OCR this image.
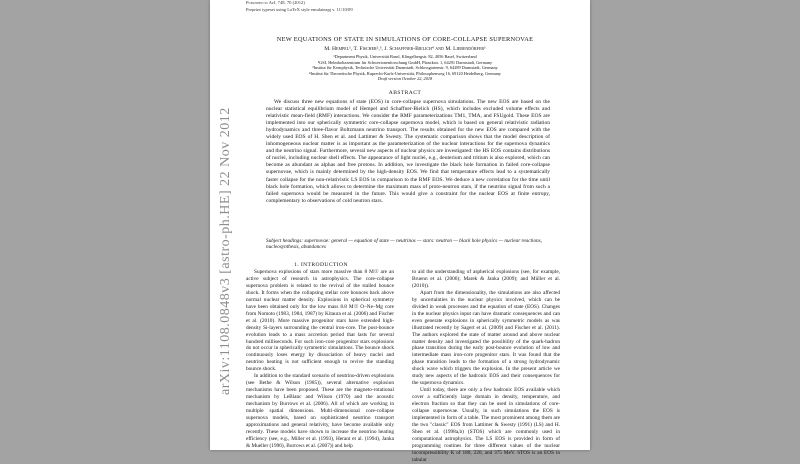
Published in ApJ, 748, 70 (2012)
Preprint typeset using LaTeX style emulateapj v. 11/10/09
NEW EQUATIONS OF STATE IN SIMULATIONS OF CORE-COLLAPSE SUPERNOVAE
M. Hempel¹, T. Fischer²,³, J. Schaffner-Bielich⁴ and M. Liebendörfer¹
¹Department Physik, Universität Basel, Klingelbergstr. 82, 4056 Basel, Switzerland
²GSI, Helmholtzzentrum für Schwerionenforschung GmbH, Planckstr. 1, 64291 Darmstadt, Germany
³Institut für Kernphysik, Technische Universität Darmstadt, Schlossgartenstr. 9, 64289 Darmstadt, Germany
⁴Institut für Theoretische Physik, Ruprecht-Karls-Universität, Philosophenweg 16, 69120 Heidelberg, Germany
Draft version October 22, 2018
ABSTRACT
We discuss three new equations of state (EOS) in core-collapse supernova simulations. The new EOS are based on the nuclear statistical equilibrium model of Hempel and Schaffner-Bielich (HS), which includes excluded volume effects and relativistic mean-field (RMF) interactions. We consider the RMF parameterizations TM1, TMA, and FSUgold. These EOS are implemented into our spherically symmetric core-collapse supernova model, which is based on general relativistic radiation hydrodynamics and three-flavor Boltzmann neutrino transport. The results obtained for the new EOS are compared with the widely used EOS of H. Shen et al. and Lattimer & Swesty. The systematic comparison shows that the model description of inhomogeneous nuclear matter is as important as the parameterization of the nuclear interactions for the supernova dynamics and the neutrino signal. Furthermore, several new aspects of nuclear physics are investigated: the HS EOS contains distributions of nuclei, including nuclear shell effects. The appearance of light nuclei, e.g., deuterium and tritium is also explored, which can become as abundant as alphas and free protons. In addition, we investigate the black hole formation in failed core-collapse supernovae, which is mainly determined by the high-density EOS. We find that temperature effects lead to a systematically faster collapse for the non-relativistic LS EOS in comparison to the RMF EOS. We deduce a new correlation for the time until black hole formation, which allows to determine the maximum mass of proto-neutron stars, if the neutrino signal from such a failed supernova would be measured in the future. This would give a constraint for the nuclear EOS at finite entropy, complementary to observations of cold neutron stars.
Subject headings: supernovae: general — equation of state — neutrinos — stars: neutron — black hole physics — nuclear reactions, nucleosynthesis, abundances
1. INTRODUCTION

Supernova explosions of stars more massive than 8 M☉ are an active subject of research in astrophysics. The core-collapse supernova problem is related to the revival of the stalled bounce shock. It forms when the collapsing stellar core bounces back above normal nuclear matter density. Explosions in spherical symmetry have been obtained only for the low mass 8.8 M☉ O–Ne–Mg core from Nomoto (1983, 1984, 1987) by Kitaura et al. (2006) and Fischer et al. (2010). More massive progenitor stars have extended high-density Si-layers surrounding the central iron-core. The post-bounce evolution leads to a mass accretion period that lasts for several hundred milliseconds. For such iron-core progenitor stars explosions do not occur in spherically symmetric simulations. The bounce shock continuously loses energy by dissociation of heavy nuclei and neutrino heating is not sufficient enough to revive the standing bounce shock.

In addition to the standard scenario of neutrino-driven explosions (see Bethe & Wilson (1985)), several alternative explosion mechanisms have been proposed. These are the magneto-rotational mechanism by LeBlanc and Wilson (1970) and the acoustic mechanism by Burrows et al. (2006). All of which are working in multiple spatial dimensions. Multi-dimensional core-collapse supernova models, based on sophisticated neutrino transport approximations and general relativity, have become available only recently. These models have shown to increase the neutrino heating efficiency (see, e.g., Miller et al. (1993), Herant et al. (1994), Janka & Mueller (1996), Burrows et al. (2007)) and help

to aid the understanding of aspherical explosions (see, for example, Bruenn et al. (2006); Marek & Janka (2009); and Müller et al. (2010)).

Apart from the dimensionality, the simulations are also affected by uncertainties in the nuclear physics involved, which can be divided in weak processes and the equation of state (EOS). Changes in the nuclear physics input can have dramatic consequences and can even generate explosions in spherically symmetric models as was illustrated recently by Sagert et al. (2009) and Fischer et al. (2011). The authors explored the state of matter around and above nuclear matter density and investigated the possibility of the quark-hadron phase transition during the early post-bounce evolution of low and intermediate mass iron-core progenitor stars. It was found that the phase transition leads to the formation of a strong hydrodynamic shock wave which triggers the explosion. In the present article we study new aspects of the hadronic EOS and their consequences for the supernova dynamics.

Until today, there are only a few hadronic EOS available which cover a sufficiently large domain in density, temperature, and electron fraction so that they can be used in simulations of core-collapse supernovae. Usually, in such simulations the EOS is implemented in form of a table. The most prominent among them are the two "classic" EOS from Lattimer & Swesty (1991) (LS) and H. Shen et al. (1998a,b) (STOS) which are commonly used in computational astrophysics. The LS EOS is provided in form of programming routines for three different values of the nuclear incompressibility K of 180, 220, and 375 MeV. STOS is an EOS in tabular

arXiv:1108.0848v3 [astro-ph.HE] 22 Nov 2012
